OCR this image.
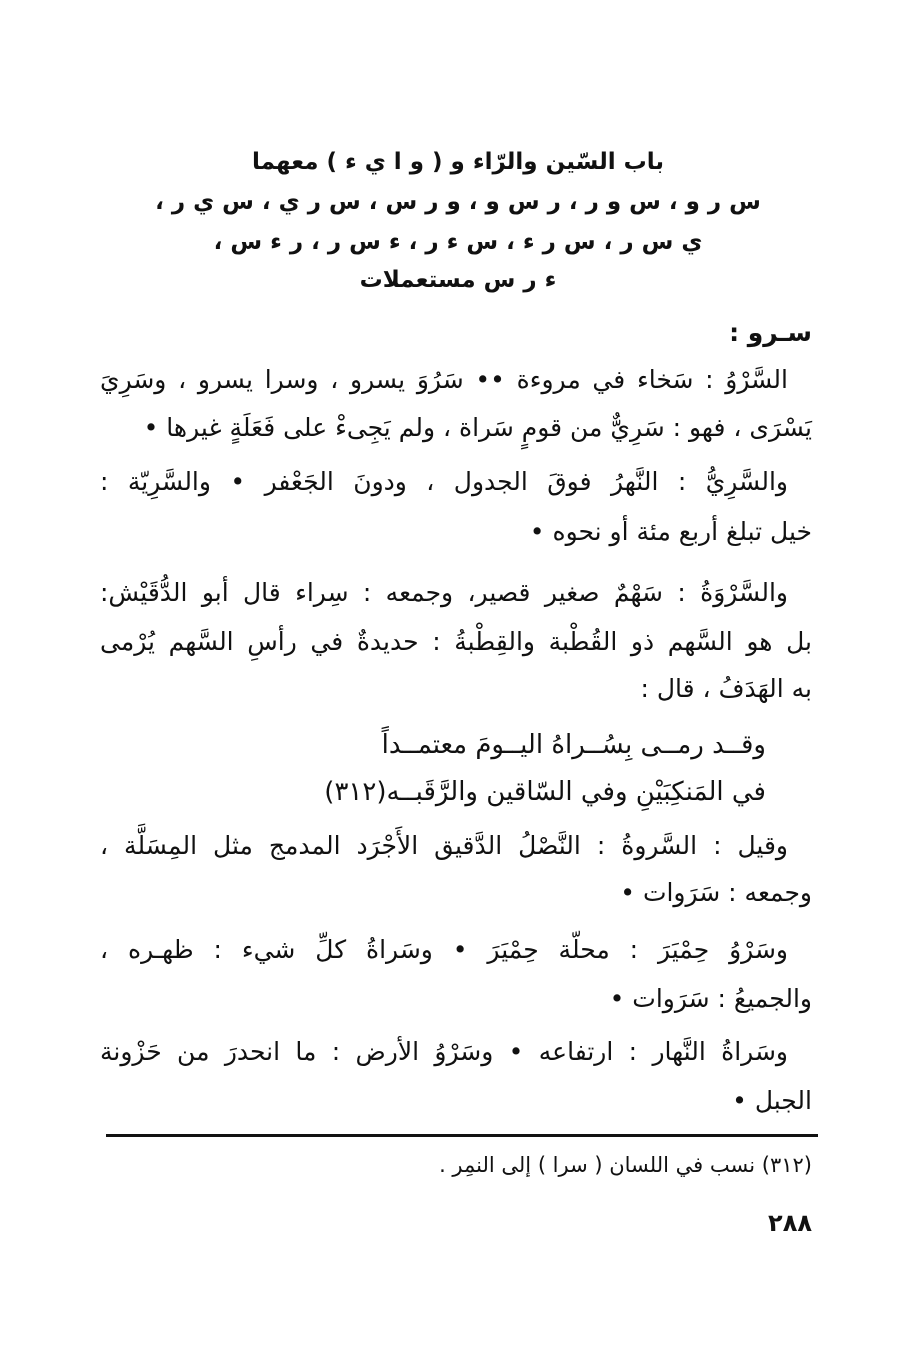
باب السّين والرّاء و ( و ا ي ء ) معهما
س ر و ، س و ر ، ر س و ، و ر س ، س ر ي ، س ي ر ،
ي س ر ، س ر ء ، س ء ر ، ء س ر ، ر ء س ،
ء ر س مستعملات
سـرو :
السَّرْوُ : سَخاء في مروءة •• سَرُوَ يسرو ، وسرا يسرو ، وسَرِيَ
يَسْرَى ، فهو : سَرِيٌّ من قومٍ سَراة ، ولم يَجِىءْ على فَعَلَةٍ غيرها •
والسَّرِيُّ : النَّهرُ فوقَ الجدول ، ودونَ الجَعْفر • والسَّرِيّة :
خيل تبلغ أربع مئة أو نحوه •
والسَّرْوَةُ : سَهْمٌ صغير قصير، وجمعه : سِراء قال أبو الدُّقَيْش:
بل هو السَّهم ذو القُطْبة والقِطْبةُ : حديدةٌ في رأسِ السَّهم يُرْمى
به الهَدَفُ ، قال :
وقــد رمــى بِسُــراهُ اليــومَ معتمــداً
في المَنكِبَيْنِ وفي السّاقين والرَّقَبــه(٣١٢)
وقيل : السَّروةُ : النَّصْلُ الدَّقيق الأَجْرَد المدمج مثل المِسَلَّة ،
وجمعه : سَرَوات •
وسَرْوُ حِمْيَرَ : محلّة حِمْيَرَ • وسَراةُ كلِّ شيء : ظهـره ،
والجميعُ : سَرَوات •
وسَراةُ النَّهار : ارتفاعه • وسَرْوُ الأرض : ما انحدرَ من حَزْونة
الجبل •
(٣١٢) نسب في اللسان ( سرا ) إلى النمِر .
٢٨٨
